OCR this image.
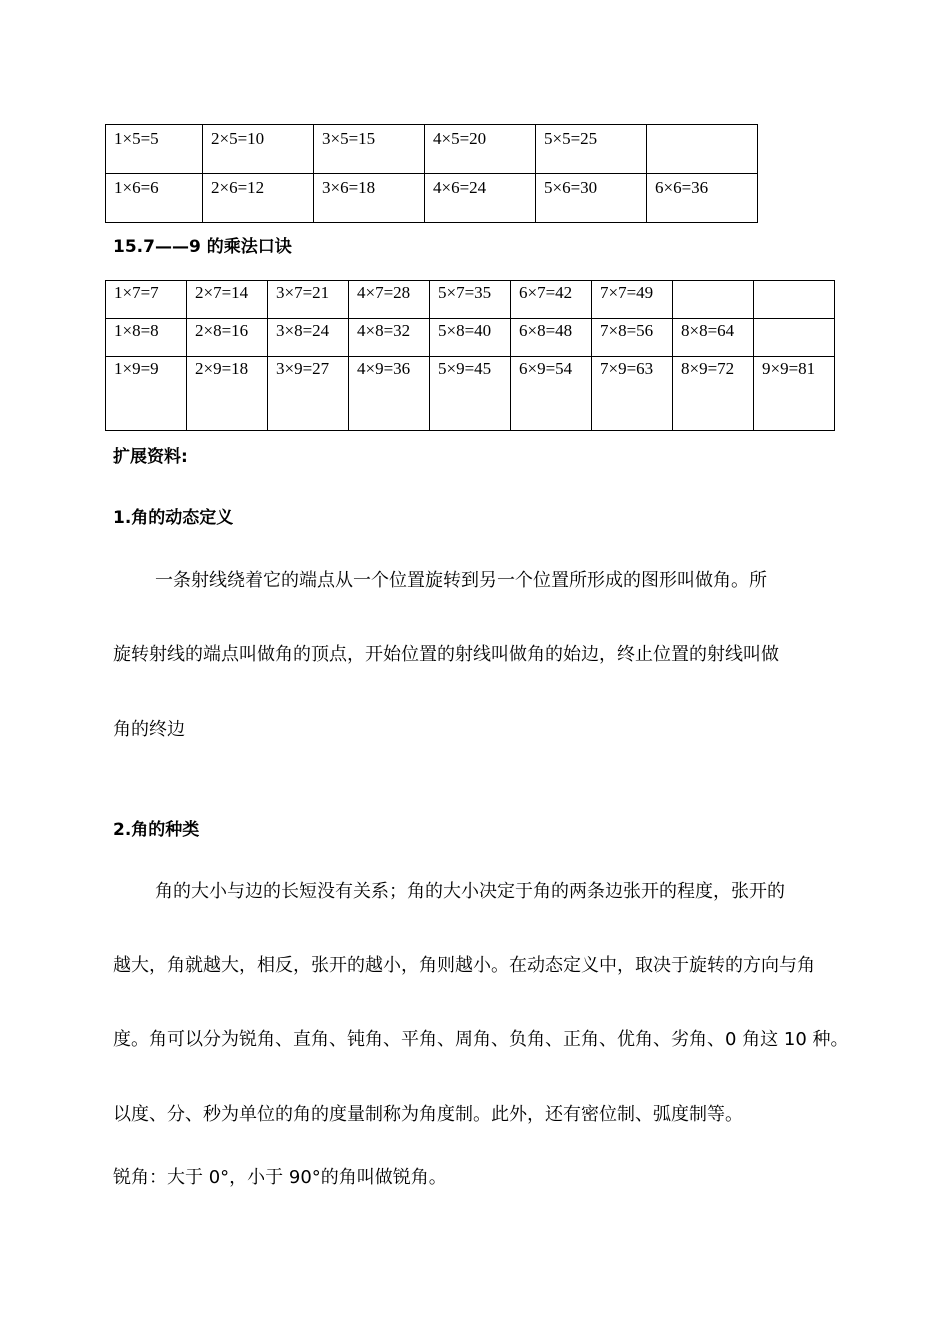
1×5=5	2×5=10	3×5=15	4×5=20	5×5=25	
1×6=6	2×6=12	3×6=18	4×6=24	5×6=30	6×6=36

15.7——9 的乘法口诀

1×7=7	2×7=14	3×7=21	4×7=28	5×7=35	6×7=42	7×7=49		
1×8=8	2×8=16	3×8=24	4×8=32	5×8=40	6×8=48	7×8=56	8×8=64	
1×9=9	2×9=18	3×9=27	4×9=36	5×9=45	6×9=54	7×9=63	8×9=72	9×9=81

扩展资料:

1.角的动态定义

一条射线绕着它的端点从一个位置旋转到另一个位置所形成的图形叫做角。所

旋转射线的端点叫做角的顶点，开始位置的射线叫做角的始边，终止位置的射线叫做

角的终边

2.角的种类

角的大小与边的长短没有关系；角的大小决定于角的两条边张开的程度，张开的

越大，角就越大，相反，张开的越小，角则越小。在动态定义中，取决于旋转的方向与角

度。角可以分为锐角、直角、钝角、平角、周角、负角、正角、优角、劣角、0 角这 10 种。

以度、分、秒为单位的角的度量制称为角度制。此外，还有密位制、弧度制等。

锐角：大于 0°，小于 90°的角叫做锐角。
